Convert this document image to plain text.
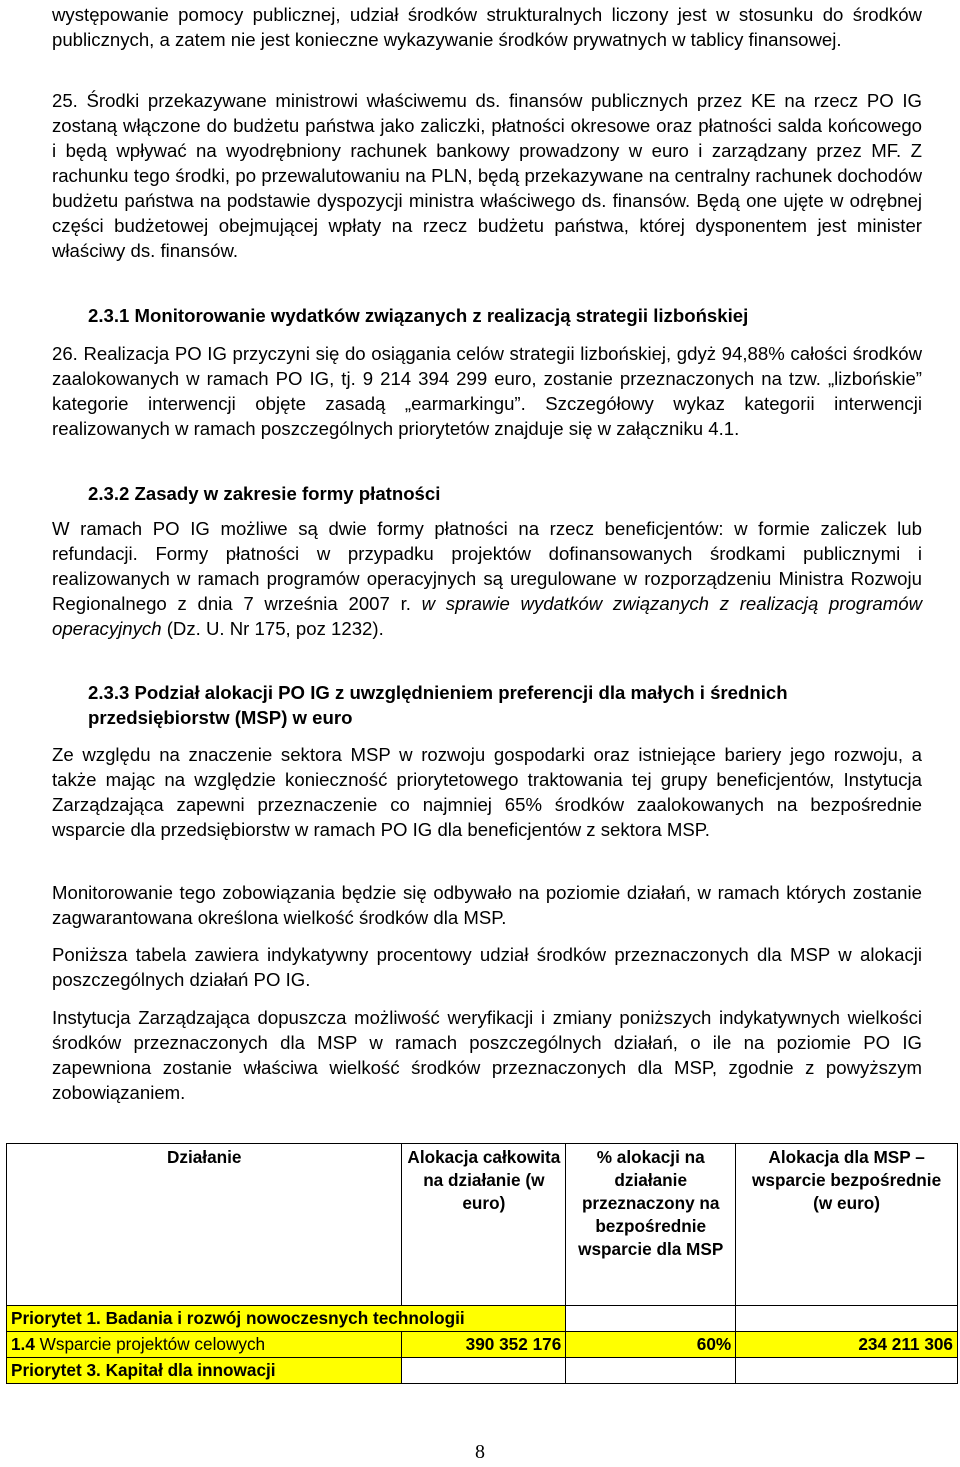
występowanie pomocy publicznej, udział środków strukturalnych liczony jest w stosunku do środków publicznych, a zatem nie jest konieczne wykazywanie środków prywatnych w tablicy finansowej.

25. Środki przekazywane ministrowi właściwemu ds. finansów publicznych przez KE na rzecz PO IG zostaną włączone do budżetu państwa jako zaliczki, płatności okresowe oraz płatności salda końcowego i będą wpływać na wyodrębniony rachunek bankowy prowadzony w euro i zarządzany przez MF. Z rachunku tego środki, po przewalutowaniu na PLN, będą przekazywane na centralny rachunek dochodów budżetu państwa na podstawie dyspozycji ministra właściwego ds. finansów. Będą one ujęte w odrębnej części budżetowej obejmującej wpłaty na rzecz budżetu państwa, której dysponentem jest minister właściwy ds. finansów.

2.3.1 Monitorowanie wydatków związanych z realizacją strategii lizbońskiej

26. Realizacja PO IG przyczyni się do osiągania celów strategii lizbońskiej, gdyż 94,88% całości środków zaalokowanych w ramach PO IG, tj. 9 214 394 299 euro, zostanie przeznaczonych na tzw. „lizbońskie” kategorie interwencji objęte zasadą „earmarkingu”. Szczegółowy wykaz kategorii interwencji realizowanych w ramach poszczególnych priorytetów znajduje się w załączniku 4.1.

2.3.2 Zasady w zakresie formy płatności

W ramach PO IG możliwe są dwie formy płatności na rzecz beneficjentów: w formie zaliczek lub refundacji. Formy płatności w przypadku projektów dofinansowanych środkami publicznymi i realizowanych w ramach programów operacyjnych są uregulowane w rozporządzeniu Ministra Rozwoju Regionalnego z dnia 7 września 2007 r. w sprawie wydatków związanych z realizacją programów operacyjnych (Dz. U. Nr 175, poz 1232).

2.3.3 Podział alokacji PO IG z uwzględnieniem preferencji dla małych i średnich przedsiębiorstw (MSP) w euro

Ze względu na znaczenie sektora MSP w rozwoju gospodarki oraz istniejące bariery jego rozwoju, a także mając na względzie konieczność priorytetowego traktowania tej grupy beneficjentów, Instytucja Zarządzająca zapewni przeznaczenie co najmniej 65% środków zaalokowanych na bezpośrednie wsparcie dla przedsiębiorstw w ramach PO IG dla beneficjentów z sektora MSP.

Monitorowanie tego zobowiązania będzie się odbywało na poziomie działań, w ramach których zostanie zagwarantowana określona wielkość środków dla MSP.

Poniższa tabela zawiera indykatywny procentowy udział środków przeznaczonych dla MSP w alokacji poszczególnych działań PO IG.

Instytucja Zarządzająca dopuszcza możliwość weryfikacji i zmiany poniższych indykatywnych wielkości środków przeznaczonych dla MSP w ramach poszczególnych działań, o ile na poziomie PO IG zapewniona zostanie właściwa wielkość środków przeznaczonych dla MSP, zgodnie z powyższym zobowiązaniem.

Działanie	Alokacja całkowita na działanie (w euro)	% alokacji na działanie przeznaczony na bezpośrednie wsparcie dla MSP	Alokacja dla MSP – wsparcie bezpośrednie (w euro)
Priorytet 1. Badania i rozwój nowoczesnych technologii			
1.4 Wsparcie projektów celowych	390 352 176	60%	234 211 306
Priorytet 3. Kapitał dla innowacji			
8
